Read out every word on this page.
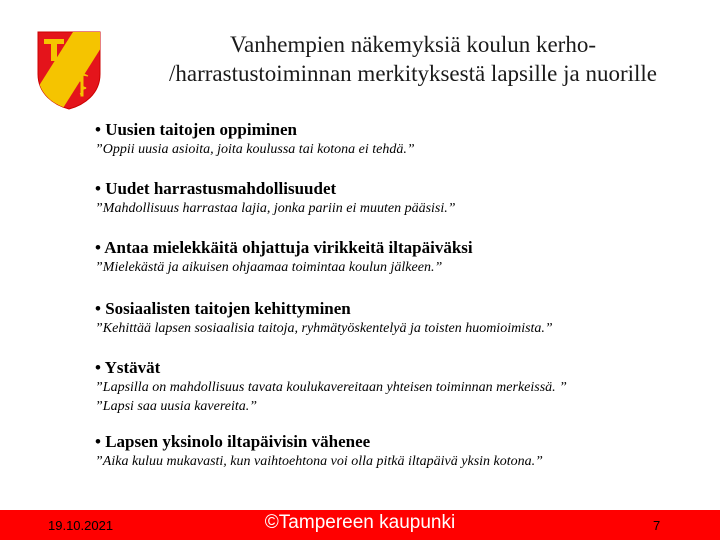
Vanhempien näkemyksiä koulun kerho-
/harrastustoiminnan merkityksestä lapsille ja nuorille
• Uusien taitojen oppiminen
”Oppii uusia asioita, joita koulussa tai kotona ei tehdä.”
• Uudet harrastusmahdollisuudet
”Mahdollisuus harrastaa lajia, jonka pariin ei muuten pääsisi.”
• Antaa mielekkäitä ohjattuja virikkeitä iltapäiväksi
”Mielekästä ja aikuisen ohjaamaa toimintaa koulun jälkeen.”
• Sosiaalisten taitojen kehittyminen
”Kehittää lapsen sosiaalisia taitoja, ryhmätyöskentelyä ja toisten huomioimista.”
• Ystävät
”Lapsilla on mahdollisuus tavata koulukavereitaan yhteisen toiminnan merkeissä. ”
”Lapsi saa uusia kavereita.”
• Lapsen yksinolo iltapäivisin vähenee
”Aika kuluu mukavasti, kun vaihtoehtona voi olla pitkä iltapäivä yksin kotona.”
19.10.2021	©Tampereen kaupunki	7
